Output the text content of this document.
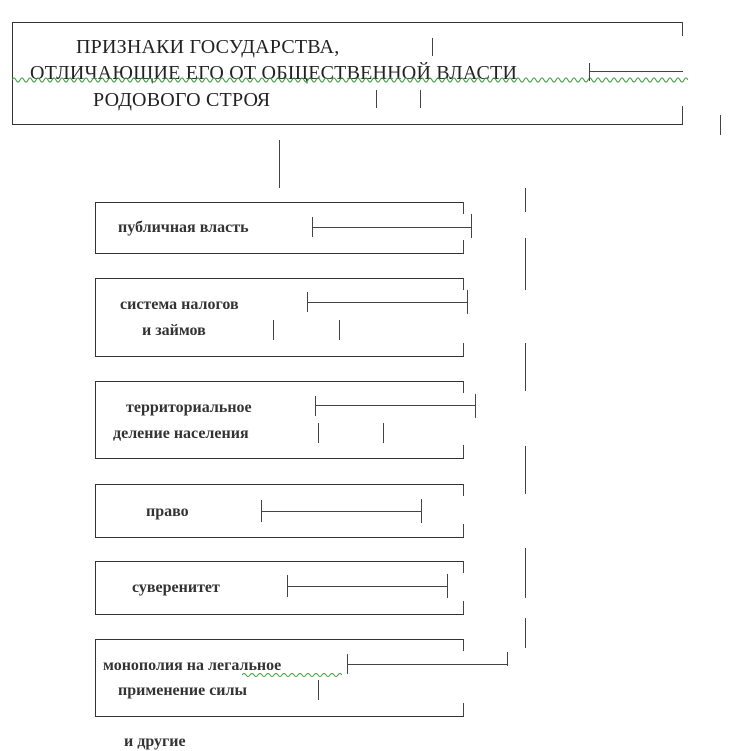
ПРИЗНАКИ ГОСУДАРСТВА,
ОТЛИЧАЮЩИЕ ЕГО ОТ ОБЩЕСТВЕННОЙ ВЛАСТИ
РОДОВОГО СТРОЯ
публичная власть
система налогов
и займов
территориальное
деление населения
право
суверенитет
монополия на легальное
применение силы
и другие
